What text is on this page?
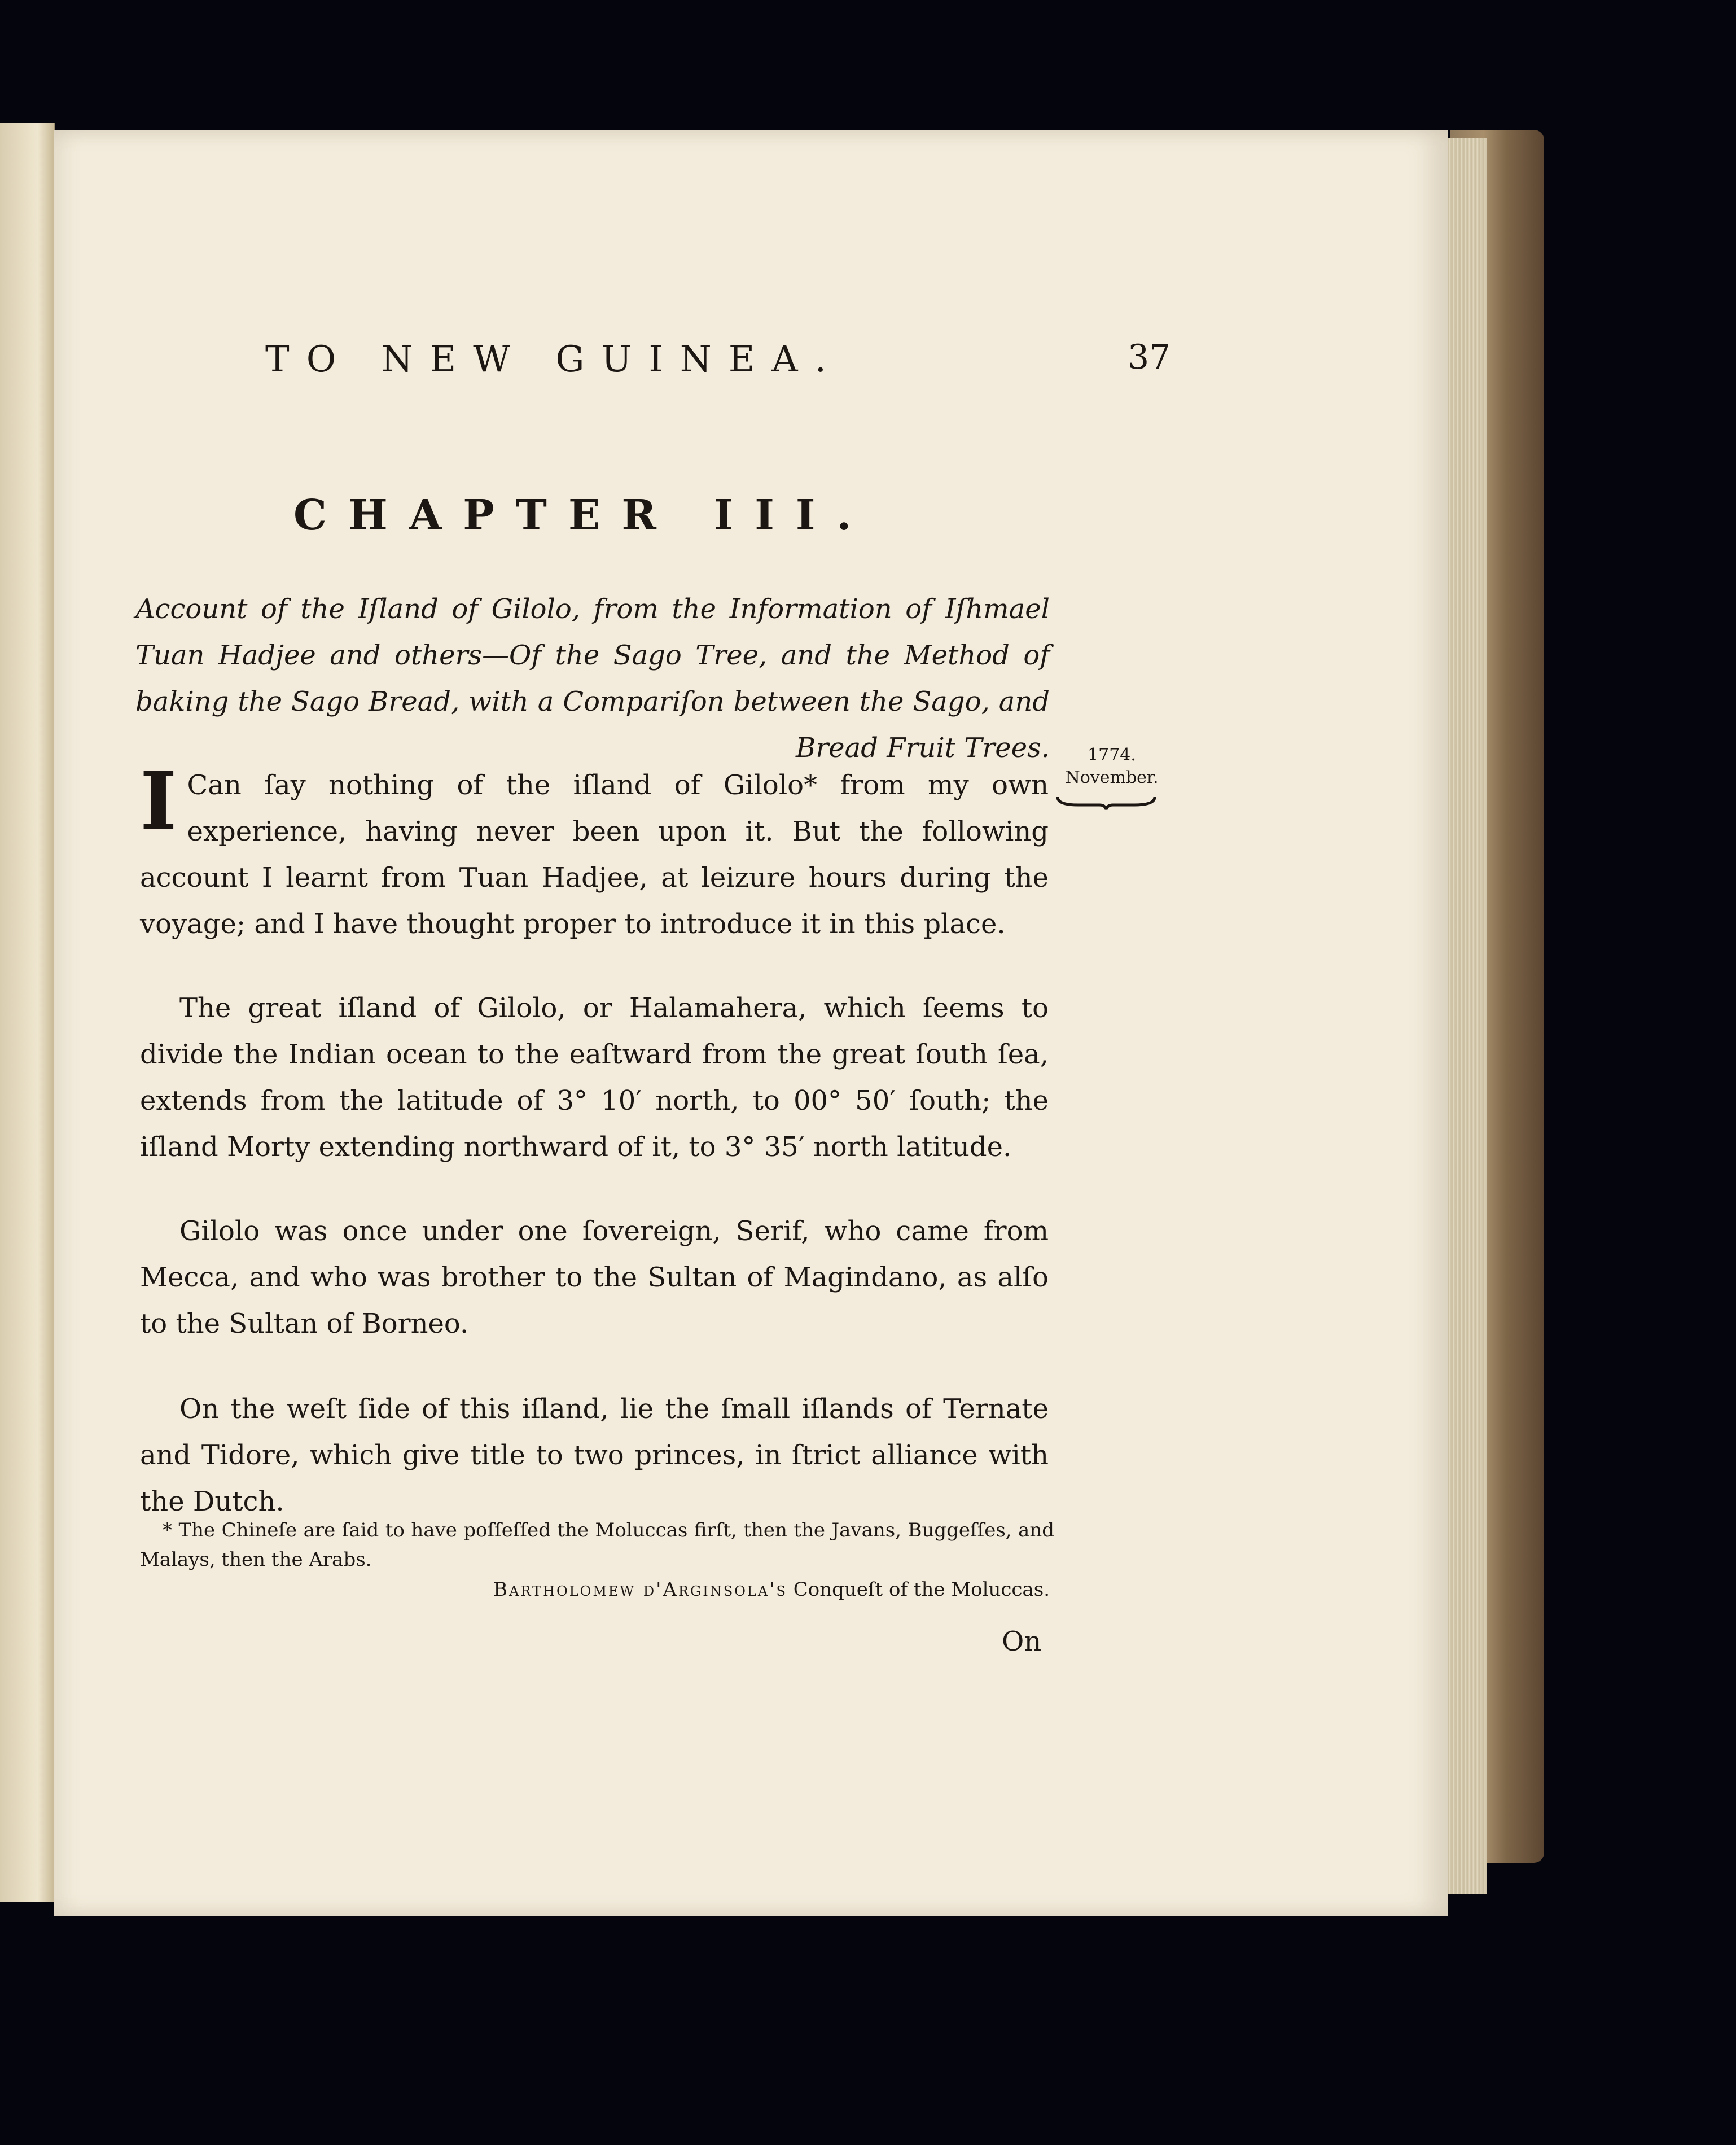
TO NEW GUINEA.	37
CHAPTER III.
Account of the Iſland of Gilolo, from the Information of Iſhmael Tuan Hadjee and others—Of the Sago Tree, and the Method of baking the Sago Bread, with a Compariſon between the Sago, and Bread Fruit Trees.	1774.
November.

I Can ſay nothing of the iſland of Gilolo* from my own experience, having never been upon it. But the following account I learnt from Tuan Hadjee, at leizure hours during the voyage; and I have thought proper to introduce it in this place.

The great iſland of Gilolo, or Halamahera, which ſeems to divide the Indian ocean to the eaſtward from the great ſouth ſea, extends from the latitude of 3° 10′ north, to 00° 50′ ſouth; the iſland Morty extending northward of it, to 3° 35′ north latitude.

Gilolo was once under one ſovereign, Serif, who came from Mecca, and who was brother to the Sultan of Magindano, as alſo to the Sultan of Borneo.

On the weſt ſide of this iſland, lie the ſmall iſlands of Ternate and Tidore, which give title to two princes, in ſtrict alliance with the Dutch.

* The Chineſe are ſaid to have poſſeſſed the Moluccas firſt, then the Javans, Buggeſſes, and Malays, then the Arabs.
Bartholomew d'Arginsola's Conqueſt of the Moluccas.
On
